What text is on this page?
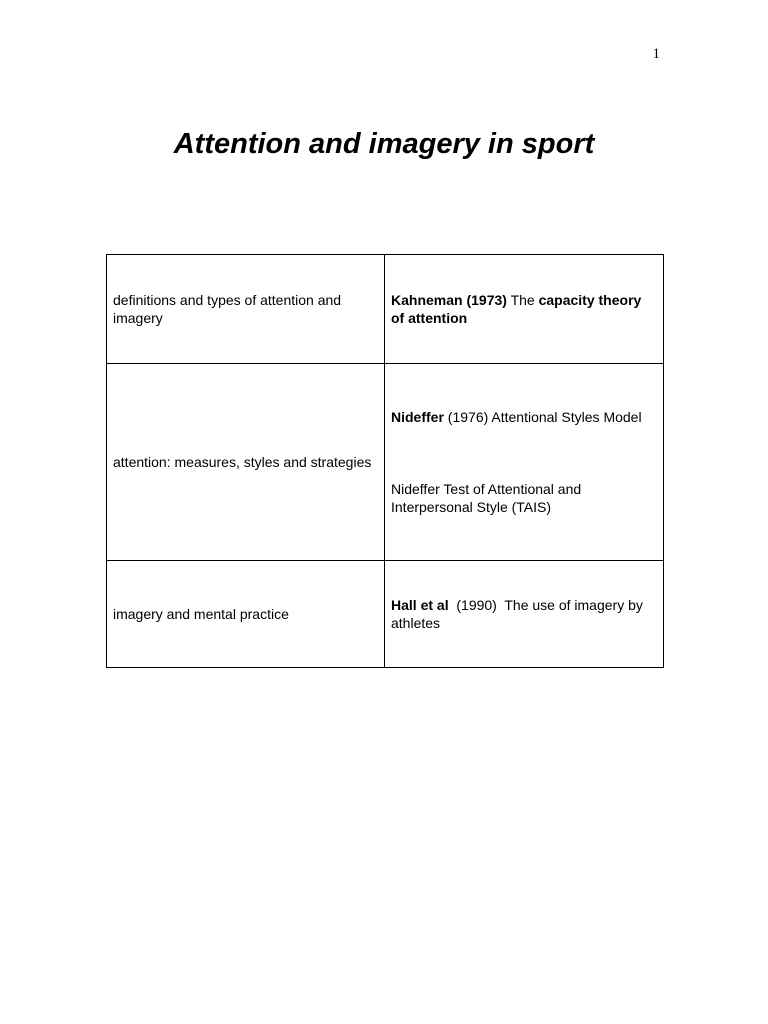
1
Attention and imagery in sport
definitions and types of attention and imagery	Kahneman (1973) The capacity theory of attention

attention: measures, styles and strategies	Nideffer (1976) Attentional Styles Model
Nideffer Test of Attentional and Interpersonal Style (TAIS)

imagery and mental practice	Hall et al  (1990)  The use of imagery by athletes
